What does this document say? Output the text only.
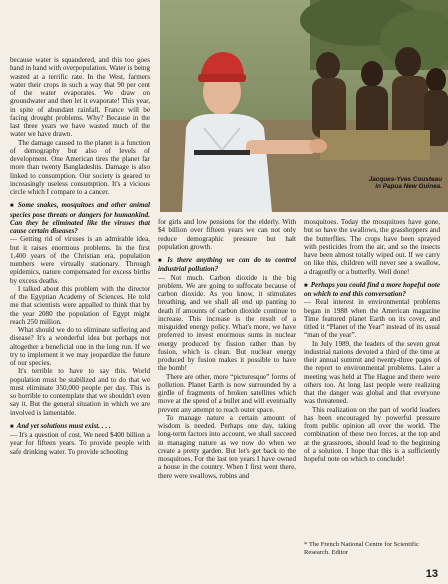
Jacques-Yves Cousteau
in Papua New Guinea.

because water is squandered, and this too goes hand in hand with overpopulation. Water is being wasted at a terrific rate. In the West, farmers water their crops in such a way that 90 per cent of the water evaporates. We draw on groundwater and then let it evaporate! This year, in spite of abundant rainfall, France will be facing drought problems. Why? Because in the last three years we have wasted much of the water we have drawn.

The damage caused to the planet is a function of demography but also of levels of development. One American tires the planet far more than twenty Bangladeshis. Damage is also linked to consumption. Our society is geared to increasingly useless consumption. It's a vicious circle which I compare to a cancer.

■ Some snakes, mosquitoes and other animal species pose threats or dangers for humankind. Can they be eliminated like the viruses that cause certain diseases?

— Getting rid of viruses is an admirable idea, but it raises enormous problems. In the first 1,400 years of the Christian era, population numbers were virtually stationary. Through epidemics, nature compensated for excess births by excess deaths.

I talked about this problem with the director of the Egyptian Academy of Sciences. He told me that scientists were appalled to think that by the year 2080 the population of Egypt might reach 250 million.

What should we do to eliminate suffering and disease? It's a wonderful idea but perhaps not altogether a beneficial one in the long run. If we try to implement it we may jeopardize the future of our species.

It's terrible to have to say this. World population must be stabilized and to do that we must eliminate 350,000 people per day. This is so horrible to contemplate that we shouldn't even say it. But the general situation in which we are involved is lamentable.

■ And yet solutions must exist. . . .

— It's a question of cost. We need $400 billion a year for fifteen years. To provide people with safe drinking water. To provide schooling

for girls and low pensions for the elderly. With $4 billion over fifteen years we can not only reduce demographic pressure but halt population growth.

■ Is there anything we can do to control industrial pollution?

— Not much. Carbon dioxide is the big problem. We are going to suffocate because of carbon dioxide. As you know, it stimulates breathing, and we shall all end up panting to death if amounts of carbon dioxide continue to increase. This increase is the result of a misguided energy policy. What's more, we have preferred to invest enormous sums in nuclear energy produced by fission rather than by fusion, which is clean. But nuclear energy produced by fusion makes it possible to have the bomb!

There are other, more “picturesque” forms of pollution. Planet Earth is now surrounded by a girdle of fragments of broken satellites which move at the speed of a bullet and will eventually prevent any attempt to reach outer space.

To manage nature a certain amount of wisdom is needed. Perhaps one day, taking long-term factors into account, we shall succeed in managing nature as we now do when we create a pretty garden. But let's get back to the mosquitoes. For the last ten years I have owned a house in the country. When I first went there, there were swallows, robins and

mosquitoes. Today the mosquitoes have gone, but so have the swallows, the grasshoppers and the butterflies. The crops have been sprayed with pesticides from the air, and so the insects have been almost totally wiped out. If we carry on like this, children will never see a swallow, a dragonfly or a butterfly. Well done!

■ Perhaps you could find a more hopeful note on which to end this conversation?

— Real interest in environmental problems began in 1988 when the American magazine Time featured planet Earth on its cover, and titled it “Planet of the Year” instead of its usual “man of the year”.

In July 1989, the leaders of the seven great industrial nations devoted a third of the time at their annual summit and twenty-three pages of the report to environmental problems. Later a meeting was held at The Hague and there were others too. At long last people were realizing that the danger was global and that everyone was threatened.

This realization on the part of world leaders has been encouraged by powerful pressure from public opinion all over the world. The combination of these two forces, at the top and at the grassroots, should lead to the beginning of a solution. I hope that this is a sufficiently hopeful note on which to conclude!

* The French National Centre for Scientific Research. Editor
13
